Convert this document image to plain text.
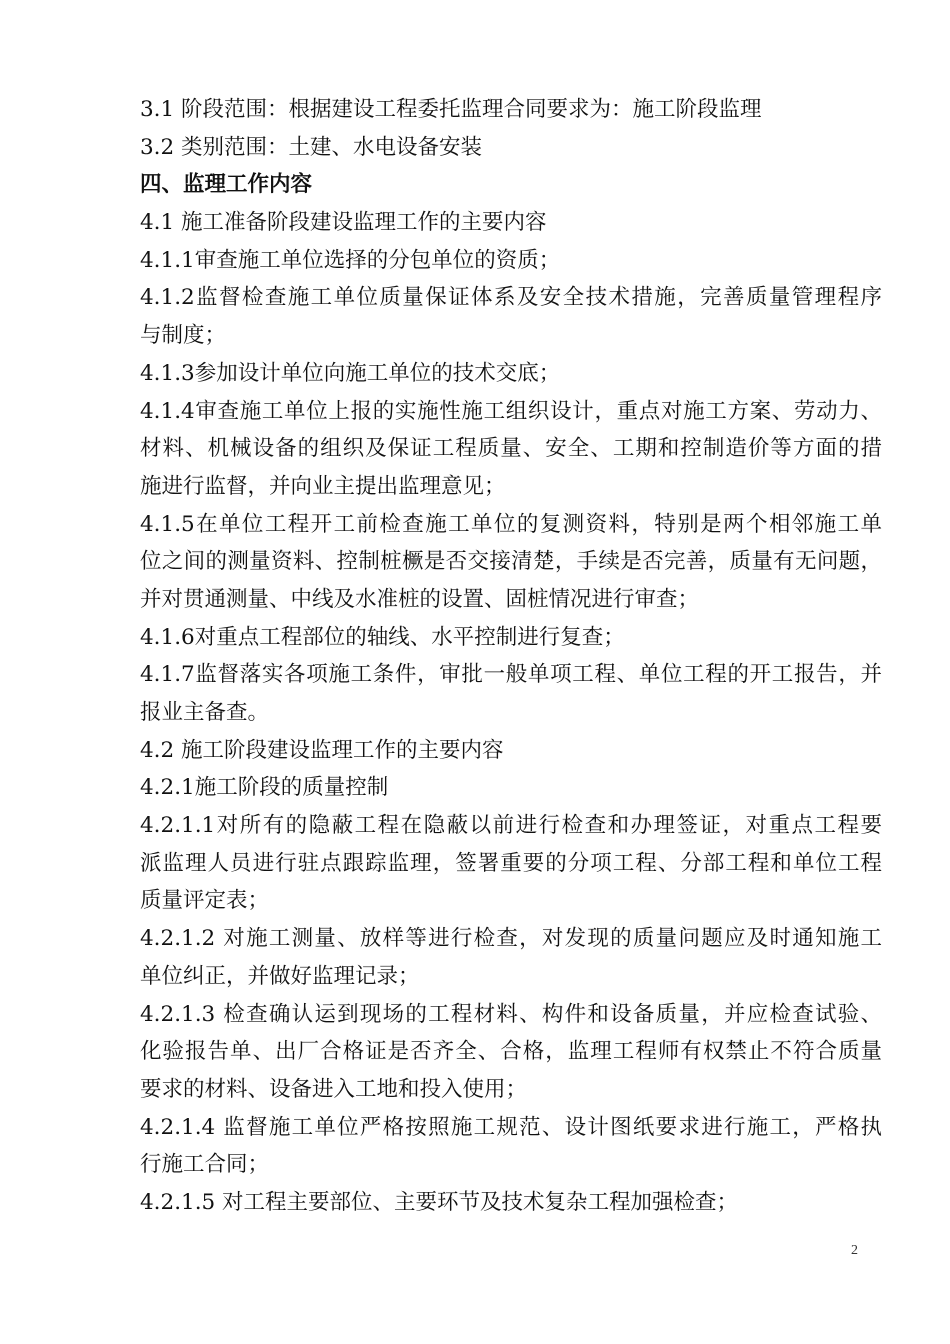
3.1 阶段范围：根据建设工程委托监理合同要求为：施工阶段监理
3.2 类别范围：土建、水电设备安装
四、监理工作内容
4.1 施工准备阶段建设监理工作的主要内容
4.1.1审查施工单位选择的分包单位的资质；
4.1.2监督检查施工单位质量保证体系及安全技术措施，完善质量管理程序
与制度；
4.1.3参加设计单位向施工单位的技术交底；
4.1.4审查施工单位上报的实施性施工组织设计，重点对施工方案、劳动力、
材料、机械设备的组织及保证工程质量、安全、工期和控制造价等方面的措
施进行监督，并向业主提出监理意见；
4.1.5在单位工程开工前检查施工单位的复测资料，特别是两个相邻施工单
位之间的测量资料、控制桩橛是否交接清楚，手续是否完善，质量有无问题，
并对贯通测量、中线及水准桩的设置、固桩情况进行审查；
4.1.6对重点工程部位的轴线、水平控制进行复查；
4.1.7监督落实各项施工条件，审批一般单项工程、单位工程的开工报告，并
报业主备查。
4.2 施工阶段建设监理工作的主要内容
4.2.1施工阶段的质量控制
4.2.1.1对所有的隐蔽工程在隐蔽以前进行检查和办理签证，对重点工程要
派监理人员进行驻点跟踪监理，签署重要的分项工程、分部工程和单位工程
质量评定表；
4.2.1.2 对施工测量、放样等进行检查，对发现的质量问题应及时通知施工
单位纠正，并做好监理记录；
4.2.1.3 检查确认运到现场的工程材料、构件和设备质量，并应检查试验、
化验报告单、出厂合格证是否齐全、合格，监理工程师有权禁止不符合质量
要求的材料、设备进入工地和投入使用；
4.2.1.4 监督施工单位严格按照施工规范、设计图纸要求进行施工，严格执
行施工合同；
4.2.1.5 对工程主要部位、主要环节及技术复杂工程加强检查；
2
